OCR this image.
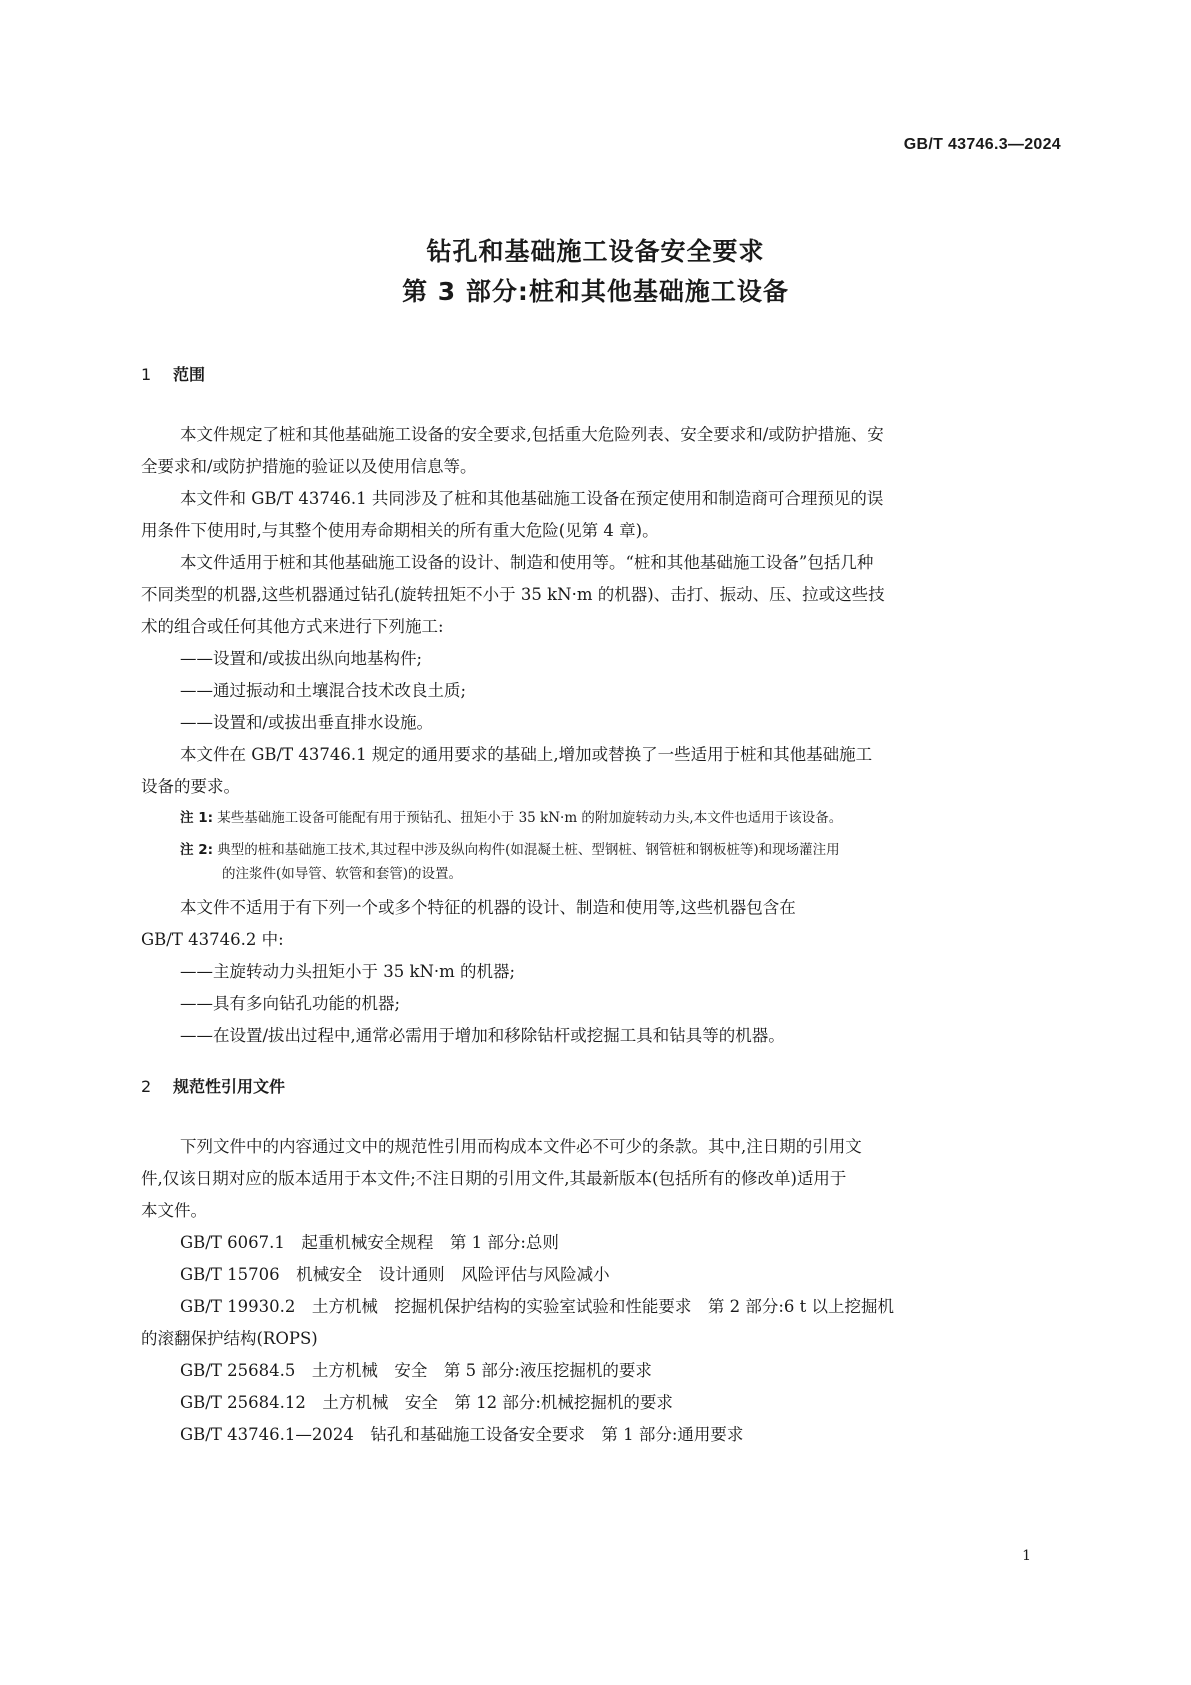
GB/T 43746.3—2024
钻孔和基础施工设备安全要求
第 3 部分:桩和其他基础施工设备
1 范围
本文件规定了桩和其他基础施工设备的安全要求,包括重大危险列表、安全要求和/或防护措施、安
全要求和/或防护措施的验证以及使用信息等。
本文件和 GB/T 43746.1 共同涉及了桩和其他基础施工设备在预定使用和制造商可合理预见的误
用条件下使用时,与其整个使用寿命期相关的所有重大危险(见第 4 章)。
本文件适用于桩和其他基础施工设备的设计、制造和使用等。“桩和其他基础施工设备”包括几种
不同类型的机器,这些机器通过钻孔(旋转扭矩不小于 35 kN·m 的机器)、击打、振动、压、拉或这些技
术的组合或任何其他方式来进行下列施工:
——设置和/或拔出纵向地基构件;
——通过振动和土壤混合技术改良土质;
——设置和/或拔出垂直排水设施。
本文件在 GB/T 43746.1 规定的通用要求的基础上,增加或替换了一些适用于桩和其他基础施工
设备的要求。
注 1: 某些基础施工设备可能配有用于预钻孔、扭矩小于 35 kN·m 的附加旋转动力头,本文件也适用于该设备。
注 2: 典型的桩和基础施工技术,其过程中涉及纵向构件(如混凝土桩、型钢桩、钢管桩和钢板桩等)和现场灌注用
的注浆件(如导管、软管和套管)的设置。
本文件不适用于有下列一个或多个特征的机器的设计、制造和使用等,这些机器包含在
GB/T 43746.2 中:
——主旋转动力头扭矩小于 35 kN·m 的机器;
——具有多向钻孔功能的机器;
——在设置/拔出过程中,通常必需用于增加和移除钻杆或挖掘工具和钻具等的机器。
2 规范性引用文件
下列文件中的内容通过文中的规范性引用而构成本文件必不可少的条款。其中,注日期的引用文
件,仅该日期对应的版本适用于本文件;不注日期的引用文件,其最新版本(包括所有的修改单)适用于
本文件。
GB/T 6067.1　起重机械安全规程　第 1 部分:总则
GB/T 15706　机械安全　设计通则　风险评估与风险减小
GB/T 19930.2　土方机械　挖掘机保护结构的实验室试验和性能要求　第 2 部分:6 t 以上挖掘机
的滚翻保护结构(ROPS)
GB/T 25684.5　土方机械　安全　第 5 部分:液压挖掘机的要求
GB/T 25684.12　土方机械　安全　第 12 部分:机械挖掘机的要求
GB/T 43746.1—2024　钻孔和基础施工设备安全要求　第 1 部分:通用要求
1
